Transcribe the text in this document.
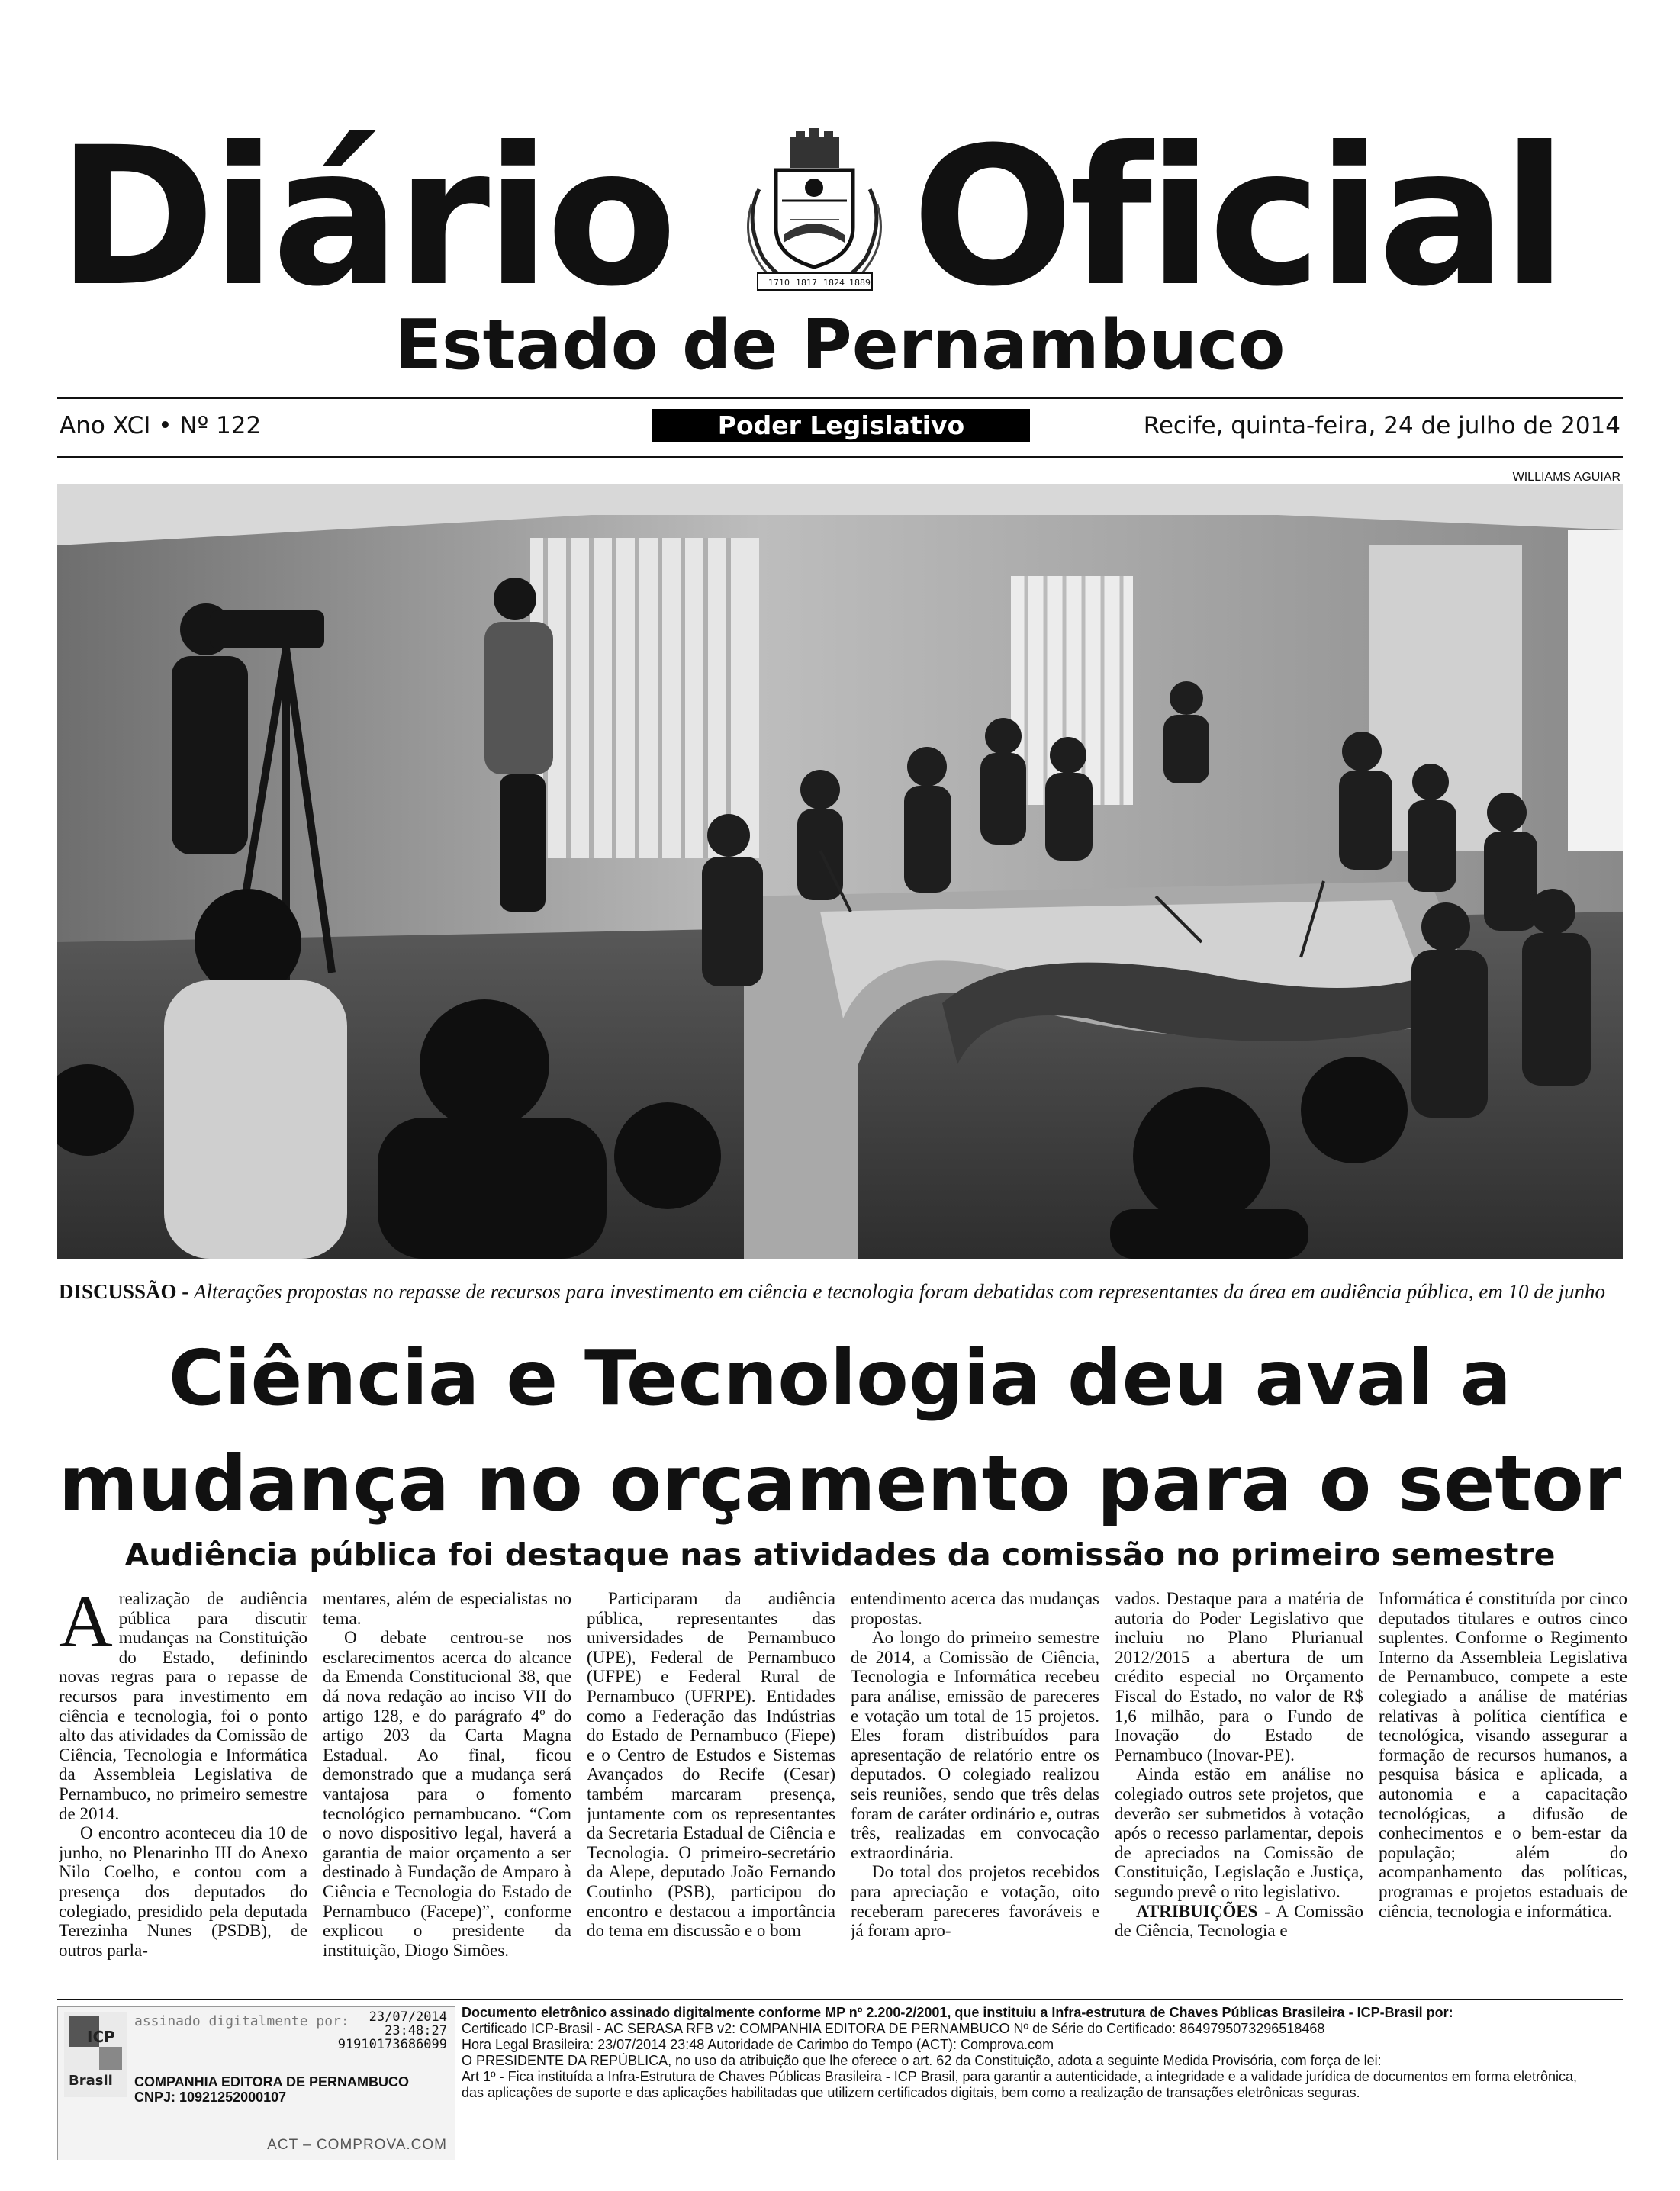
Diário	1710 1817 1824 1889 Oficial
Estado de Pernambuco
Ano XCI • Nº 122	Poder Legislativo	Recife, quinta-feira, 24 de julho de 2014
WILLIAMS AGUIAR
DISCUSSÃO - Alterações propostas no repasse de recursos para investimento em ciência e tecnologia foram debatidas com representantes da área em audiência pública, em 10 de junho
Ciência e Tecnologia deu aval a
mudança no orçamento para o setor
Audiência pública foi destaque nas atividades da comissão no primeiro semestre

Arealização de audiência pública para discutir mudanças na Constituição do Estado, definindo novas regras para o repasse de recursos para investimento em ciência e tecnologia, foi o ponto alto das atividades da Comissão de Ciência, Tecnologia e Informática da Assembleia Legislativa de Pernambuco, no primeiro semestre de 2014.

O encontro aconteceu dia 10 de junho, no Plenarinho III do Anexo Nilo Coelho, e contou com a presença dos deputados do colegiado, presidido pela deputada Terezinha Nunes (PSDB), de outros parla-

mentares, além de especialistas no tema.

O debate centrou-se nos esclarecimentos acerca do alcance da Emenda Constitucional 38, que dá nova redação ao inciso VII do artigo 128, e do parágrafo 4º do artigo 203 da Carta Magna Estadual. Ao final, ficou demonstrado que a mudança será vantajosa para o fomento tecnológico pernambucano. “Com o novo dispositivo legal, haverá a garantia de maior orçamento a ser destinado à Fundação de Amparo à Ciência e Tecnologia do Estado de Pernambuco (Facepe)”, conforme explicou o presidente da instituição, Diogo Simões.

Participaram da audiência pública, representantes das universidades de Pernambuco (UPE), Federal de Pernambuco (UFPE) e Federal Rural de Pernambuco (UFRPE). Entidades como a Federação das Indústrias do Estado de Pernambuco (Fiepe) e o Centro de Estudos e Sistemas Avançados do Recife (Cesar) também marcaram presença, juntamente com os representantes da Secretaria Estadual de Ciência e Tecnologia. O primeiro-secretário da Alepe, deputado João Fernando Coutinho (PSB), participou do encontro e destacou a importância do tema em discussão e o bom

entendimento acerca das mudanças propostas.

Ao longo do primeiro semestre de 2014, a Comissão de Ciência, Tecnologia e Informática recebeu para análise, emissão de pareceres e votação um total de 15 projetos. Eles foram distribuídos para apresentação de relatório entre os deputados. O colegiado realizou seis reuniões, sendo que três delas foram de caráter ordinário e, outras três, realizadas em convocação extraordinária.

Do total dos projetos recebidos para apreciação e votação, oito receberam pareceres favoráveis e já foram apro-

vados. Destaque para a matéria de autoria do Poder Legislativo que incluiu no Plano Plurianual 2012/2015 a abertura de um crédito especial no Orçamento Fiscal do Estado, no valor de R$ 1,6 milhão, para o Fundo de Inovação do Estado de Pernambuco (Inovar-PE).

Ainda estão em análise no colegiado outros sete projetos, que deverão ser submetidos à votação após o recesso parlamentar, depois de apreciados na Comissão de Constituição, Legislação e Justiça, segundo prevê o rito legislativo.

ATRIBUIÇÕES - A Comissão de Ciência, Tecnologia e

Informática é constituída por cinco deputados titulares e outros cinco suplentes. Conforme o Regimento Interno da Assembleia Legislativa de Pernambuco, compete a este colegiado a análise de matérias relativas à política científica e tecnológica, visando assegurar a formação de recursos humanos, a pesquisa básica e aplicada, a autonomia e a capacitação tecnológicas, a difusão de conhecimentos e o bem-estar da população; além do acompanhamento das políticas, programas e projetos estaduais de ciência, tecnologia e informática.

ICP
Brasil
assinado digitalmente por:	23/07/2014
23:48:27
91910173686099
COMPANHIA EDITORA DE PERNAMBUCO
CNPJ: 10921252000107
ACT – COMPROVA.COM
Documento eletrônico assinado digitalmente conforme MP nº 2.200-2/2001, que instituiu a Infra-estrutura de Chaves Públicas Brasileira - ICP-Brasil por:
Certificado ICP-Brasil - AC SERASA RFB v2: COMPANHIA EDITORA DE PERNAMBUCO Nº de Série do Certificado: 8649795073296518468
Hora Legal Brasileira: 23/07/2014 23:48 Autoridade de Carimbo do Tempo (ACT): Comprova.com
O PRESIDENTE DA REPÚBLICA, no uso da atribuição que lhe oferece o art. 62 da Constituição, adota a seguinte Medida Provisória, com força de lei:
Art 1º - Fica instituída a Infra-Estrutura de Chaves Públicas Brasileira - ICP Brasil, para garantir a autenticidade, a integridade e a validade jurídica de documentos em forma eletrônica,
das aplicações de suporte e das aplicações habilitadas que utilizem certificados digitais, bem como a realização de transações eletrônicas seguras.
